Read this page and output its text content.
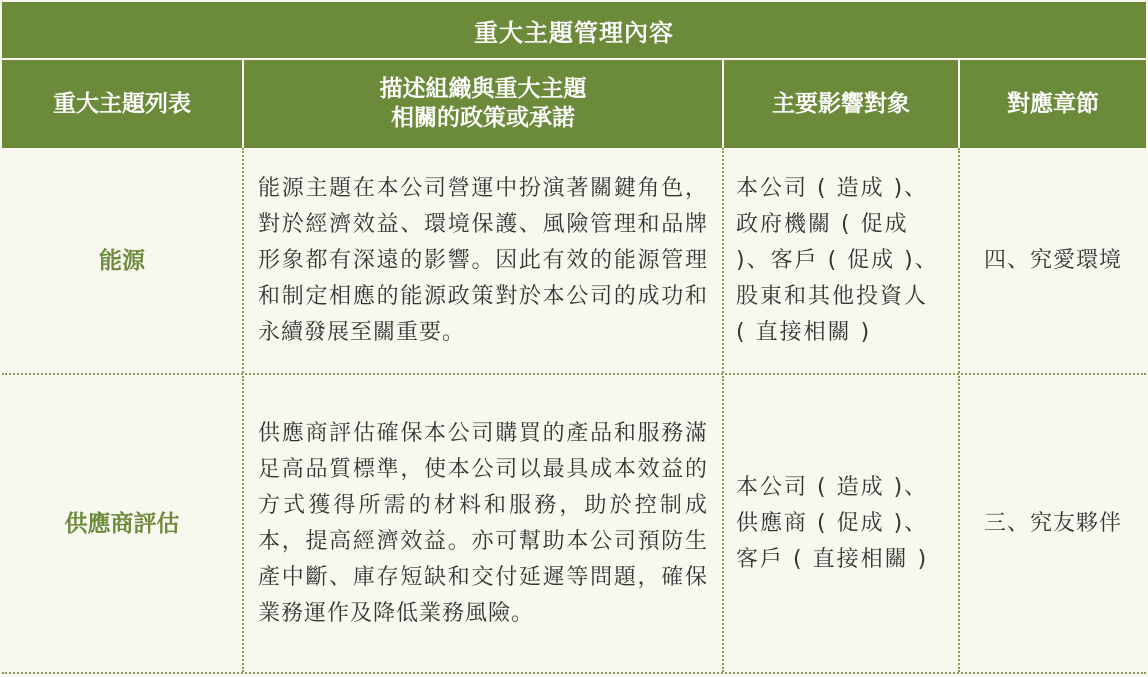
重大主題管理內容
重大主題列表
描述組織與重大主題
相關的政策或承諾
主要影響對象	對應章節
能源
能源主題在本公司營運中扮演著關鍵角色，對於經濟效益、環境保護、風險管理和品牌形象都有深遠的影響。因此有效的能源管理和制定相應的能源政策對於本公司的成功和永續發展至關重要。
本公司 ( 造成 )、政府機關 ( 促成 )、客戶 ( 促成 )、股東和其他投資人 ( 直接相關 )
四、究愛環境
供應商評估
供應商評估確保本公司購買的產品和服務滿足高品質標準，使本公司以最具成本效益的方式獲得所需的材料和服務，助於控制成本，提高經濟效益。亦可幫助本公司預防生產中斷、庫存短缺和交付延遲等問題，確保業務運作及降低業務風險。
本公司 ( 造成 )、供應商 ( 促成 )、客戶 ( 直接相關 )
三、究友夥伴
